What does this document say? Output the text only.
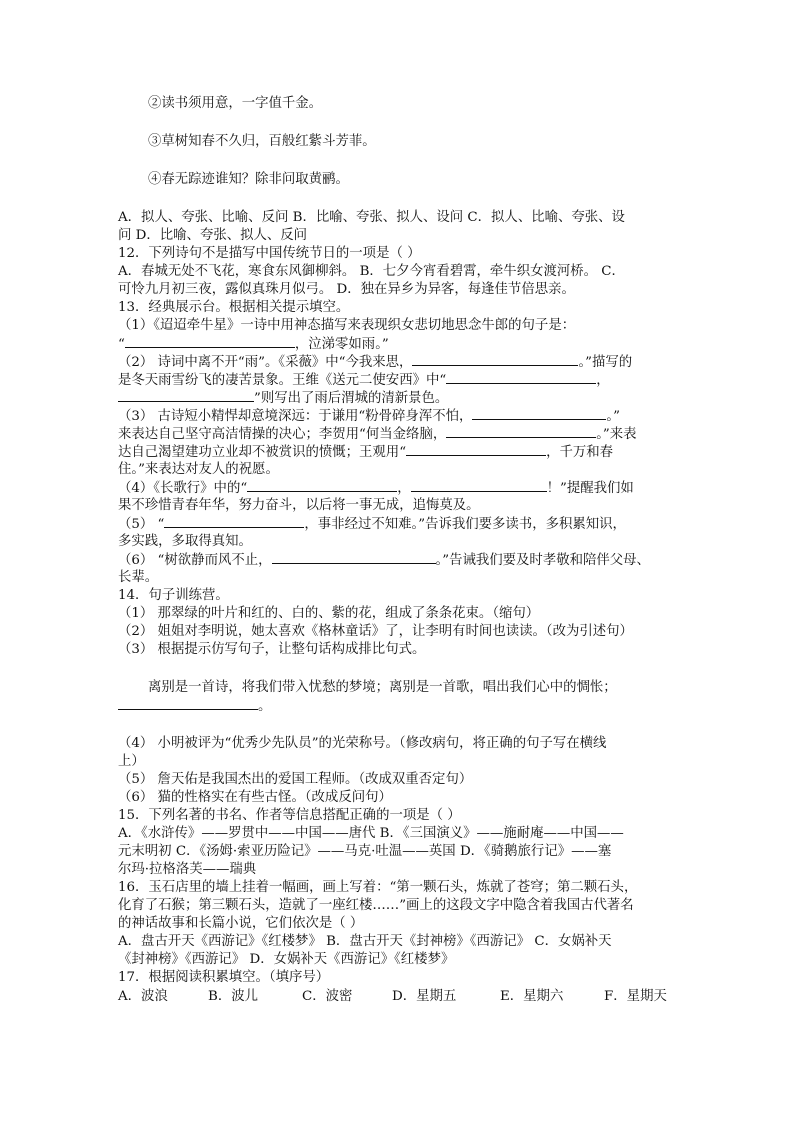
②读书须用意，一字值千金。
③草树知春不久归，百般红紫斗芳菲。
④春无踪迹谁知？除非问取黄鹂。
A．拟人、夸张、比喻、反问 B．比喻、夸张、拟人、设问 C．拟人、比喻、夸张、设
问 D．比喻、夸张、拟人、反问
12．下列诗句不是描写中国传统节日的一项是（ ）
A．春城无处不飞花，寒食东风御柳斜。 B．七夕今宵看碧霄，牵牛织女渡河桥。 C．
可怜九月初三夜，露似真珠月似弓。 D．独在异乡为异客，每逢佳节倍思亲。
13．经典展示台。根据相关提示填空。
（1）《迢迢牵牛星》一诗中用神态描写来表现织女悲切地思念牛郎的句子是：
“	，泣涕零如雨。”
（2） 诗词中离不开“雨”。《采薇》中“今我来思，	。”描写的
是冬天雨雪纷飞的凄苦景象。王维《送元二使安西》中“	，
”则写出了雨后渭城的清新景色。
（3） 古诗短小精悍却意境深远：于谦用“粉骨碎身浑不怕，	。”
来表达自己坚守高洁情操的决心；李贺用“何当金络脑，	。”来表
达自己渴望建功立业却不被赏识的愤慨；王观用“	，千万和春
住。”来表达对友人的祝愿。
（4）《长歌行》中的“	，	！”提醒我们如
果不珍惜青春年华，努力奋斗，以后将一事无成，追悔莫及。
（5） “	，事非经过不知难。”告诉我们要多读书，多积累知识，
多实践，多取得真知。
（6） “树欲静而风不止，	。”告诫我们要及时孝敬和陪伴父母、
长辈。
14．句子训练营。
（1） 那翠绿的叶片和红的、白的、紫的花，组成了条条花束。（缩句）
（2） 姐姐对李明说，她太喜欢《格林童话》了，让李明有时间也读读。（改为引述句）
（3） 根据提示仿写句子，让整句话构成排比句式。
离别是一首诗，将我们带入忧愁的梦境；离别是一首歌，唱出我们心中的惆怅；
。
（4） 小明被评为“优秀少先队员”的光荣称号。（修改病句，将正确的句子写在横线
上）
（5） 詹天佑是我国杰出的爱国工程师。（改成双重否定句）
（6） 猫的性格实在有些古怪。（改成反问句）
15．下列名著的书名、作者等信息搭配正确的一项是（ ）
A．《水浒传》——罗贯中——中国——唐代 B．《三国演义》——施耐庵——中国——
元末明初 C．《汤姆·索亚历险记》——马克·吐温——英国 D．《骑鹅旅行记》——塞
尔玛·拉格洛芙——瑞典
16．玉石店里的墙上挂着一幅画，画上写着：“第一颗石头，炼就了苍穹；第二颗石头，
化育了石猴；第三颗石头，造就了一座红楼……”画上的这段文字中隐含着我国古代著名
的神话故事和长篇小说，它们依次是（ ）
A．盘古开天《西游记》《红楼梦》 B．盘古开天《封神榜》《西游记》 C．女娲补天
《封神榜》《西游记》 D．女娲补天《西游记》《红楼梦》
17．根据阅读积累填空。（填序号）
A．波浪	B．波儿	C．波密	D．星期五	E．星期六	F．星期天
